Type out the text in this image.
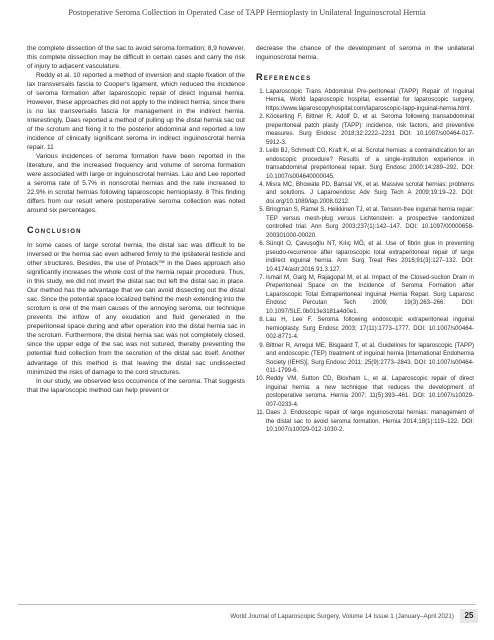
Postoperative Seroma Collection in Operated Case of TAPP Hernioplasty in Unilateral Inguinoscrotal Hernia

the complete dissection of the sac to avoid seroma formation; 8,9 however, this complete dissection may be difficult in certain cases and carry the risk of injury to adjacent vasculature.

Reddy et al. 10 reported a method of inversion and staple fixation of the lax transversalis fascia to Cooper's ligament, which reduced the incidence of seroma formation after laparoscopic repair of direct inguinal hernia. However, these approaches did not apply to the indirect hernia, since there is no lax transversalis fascia for management in the indirect hernia. Interestingly, Daes reported a method of pulling up the distal hernia sac out of the scrotum and fixing it to the posterior abdominal and reported a low incidence of clinically significant seroma in indirect inguinoscrotal hernia repair. 11

Various incidences of seroma formation have been reported in the literature, and the increased frequency and volume of seroma formation were associated with large or inguinoscrotal hernias. Lau and Lee reported a seroma rate of 5.7% in nonscrotal hernias and the rate increased to 22.9% in scrotal hernias following laparoscopic hernioplasty. 8 This finding differs from our result where postoperative seroma collection was noted around six percentages.

Conclusion

In some cases of large scrotal hernia, the distal sac was difficult to be inversed or the hernia sac even adhered firmly to the ipsilateral testicle and other structures. Besides, the use of Protack™ in the Daes approach also significantly increases the whole cost of the hernia repair procedure. Thus, in this study, we did not invert the distal sac but left the distal sac in place. Our method has the advantage that we can avoid dissecting out the distal sac. Since the potential space localized behind the mesh extending into the scrotum is one of the main causes of the annoying seroma, our technique prevents the inflow of any exudation and fluid generated in the preperitoneal space during and after operation into the distal hernia sac in the scrotum. Furthermore, the distal hernia sac was not completely closed, since the upper edge of the sac was not sutured, thereby preventing the potential fluid collection from the secretion of the distal sac itself. Another advantage of this method is that leaving the distal sac undissected minimized the risks of damage to the cord structures.

In our study, we observed less occurrence of the seroma. That suggests that the laparoscopic method can help prevent or

decrease the chance of the development of seroma in the unilateral inguinoscrotal hernia.

References
1. Laparoscopic Trans Abdominal Pre-peritoneal (TAPP) Repair of Inguinal Hernia, World laparoscopic hospital, essential for laparoscopic surgery, https://www.laparoscopyhospital.com/laparoscopic-tapp-inguinal-hernia.html.
2. Köckerling F, Bittner R, Adolf D, et al. Seroma following transabdominal preperitoneal patch plasty (TAPP): incidence, risk factors, and preventive measures. Surg Endosc 2018;32:2222–2231 DOI: 10.1007/s00464-017-5912-3.
3. Leibl BJ, Schmedt CG, Kraft K, et al. Scrotal hernias: a contraindication for an endoscopic procedure? Results of a single-institution experience in transabdominal preperitoneal repair. Surg Endosc 2000;14:289–292. DOI: 10.1007/s004640000045.
4. Misra MC, Bhowate PD, Bansal VK, et al. Massive scrotal hernias: problems and solutions. J Laparoendosc Adv Surg Tech A 2009;19:19–22. DOI: doi.org/10.1089/lap.2008.0212.
5. Bringman S, Ramel S, Heikkinen TJ, et al. Tension-free inguinal hernia repair: TEP versus mesh-plug versus Lichtenstein: a prospective randomized controlled trial. Ann Surg 2003;237(1):142–147. DOI: 10.1097/00000658-200301000-00020.
6. Sünqit O, Çavuşoğlu NT, Kılıç MÖ, et al. Use of fibrin glue in preventing pseudo-recurrence after laparoscopic total extraperitoneal repair of large indirect inguinal hernia. Ann Surg Treat Res 2016;91(3):127–132. DOI: 10.4174/astr.2016.91.3.127.
7. Ismail M, Garg M, Rajagopal M, et al. Impact of the Closed-suction Drain in Preperitoneal Space on the Incidence of Seroma Formation after Laparoscopic Total Extraperitoneal Inguinal Hernia Repair. Surg Laparosc Endosc Percutan Tech 2009; 19(3):263–266. DOI: 10.1097/SLE.0b013e3181a4d0e1.
8. Lau H, Lee F. Seroma following endoscopic extraperitoneal inguinal hernioplasty. Surg Endosc 2003; 17(11):1773–1777. DOI: 10.1007/s00464-002-8771-4.
9. Bittner R, Arregui ME, Bisgaard T, et al. Guidelines for laparoscopic (TAPP) and endoscopic (TEP) treatment of inguinal hernia [International Endohernia Society (IEHS)]. Surg Endosc 2011; 25(9):2773–2843. DOI: 10.1007/s00464-011-1799-6.
10. Reddy VM, Sutton CD, Bloxham L, et al. Laparoscopic repair of direct inguinal hernia: a new technique that reduces the development of postoperative seroma. Hernia 2007; 11(5):393–461. DOI: 10.1007/s10029-007-0233-4.
11. Daes J. Endoscopic repair of large inguinoscrotal hernias: management of the distal sac to avoid seroma formation. Hernia 2014;18(1):119–122. DOI: 10.1007/s10029-012-1030-2.
World Journal of Laparoscopic Surgery, Volume 14 Issue 1 (January–April 2021)	25
